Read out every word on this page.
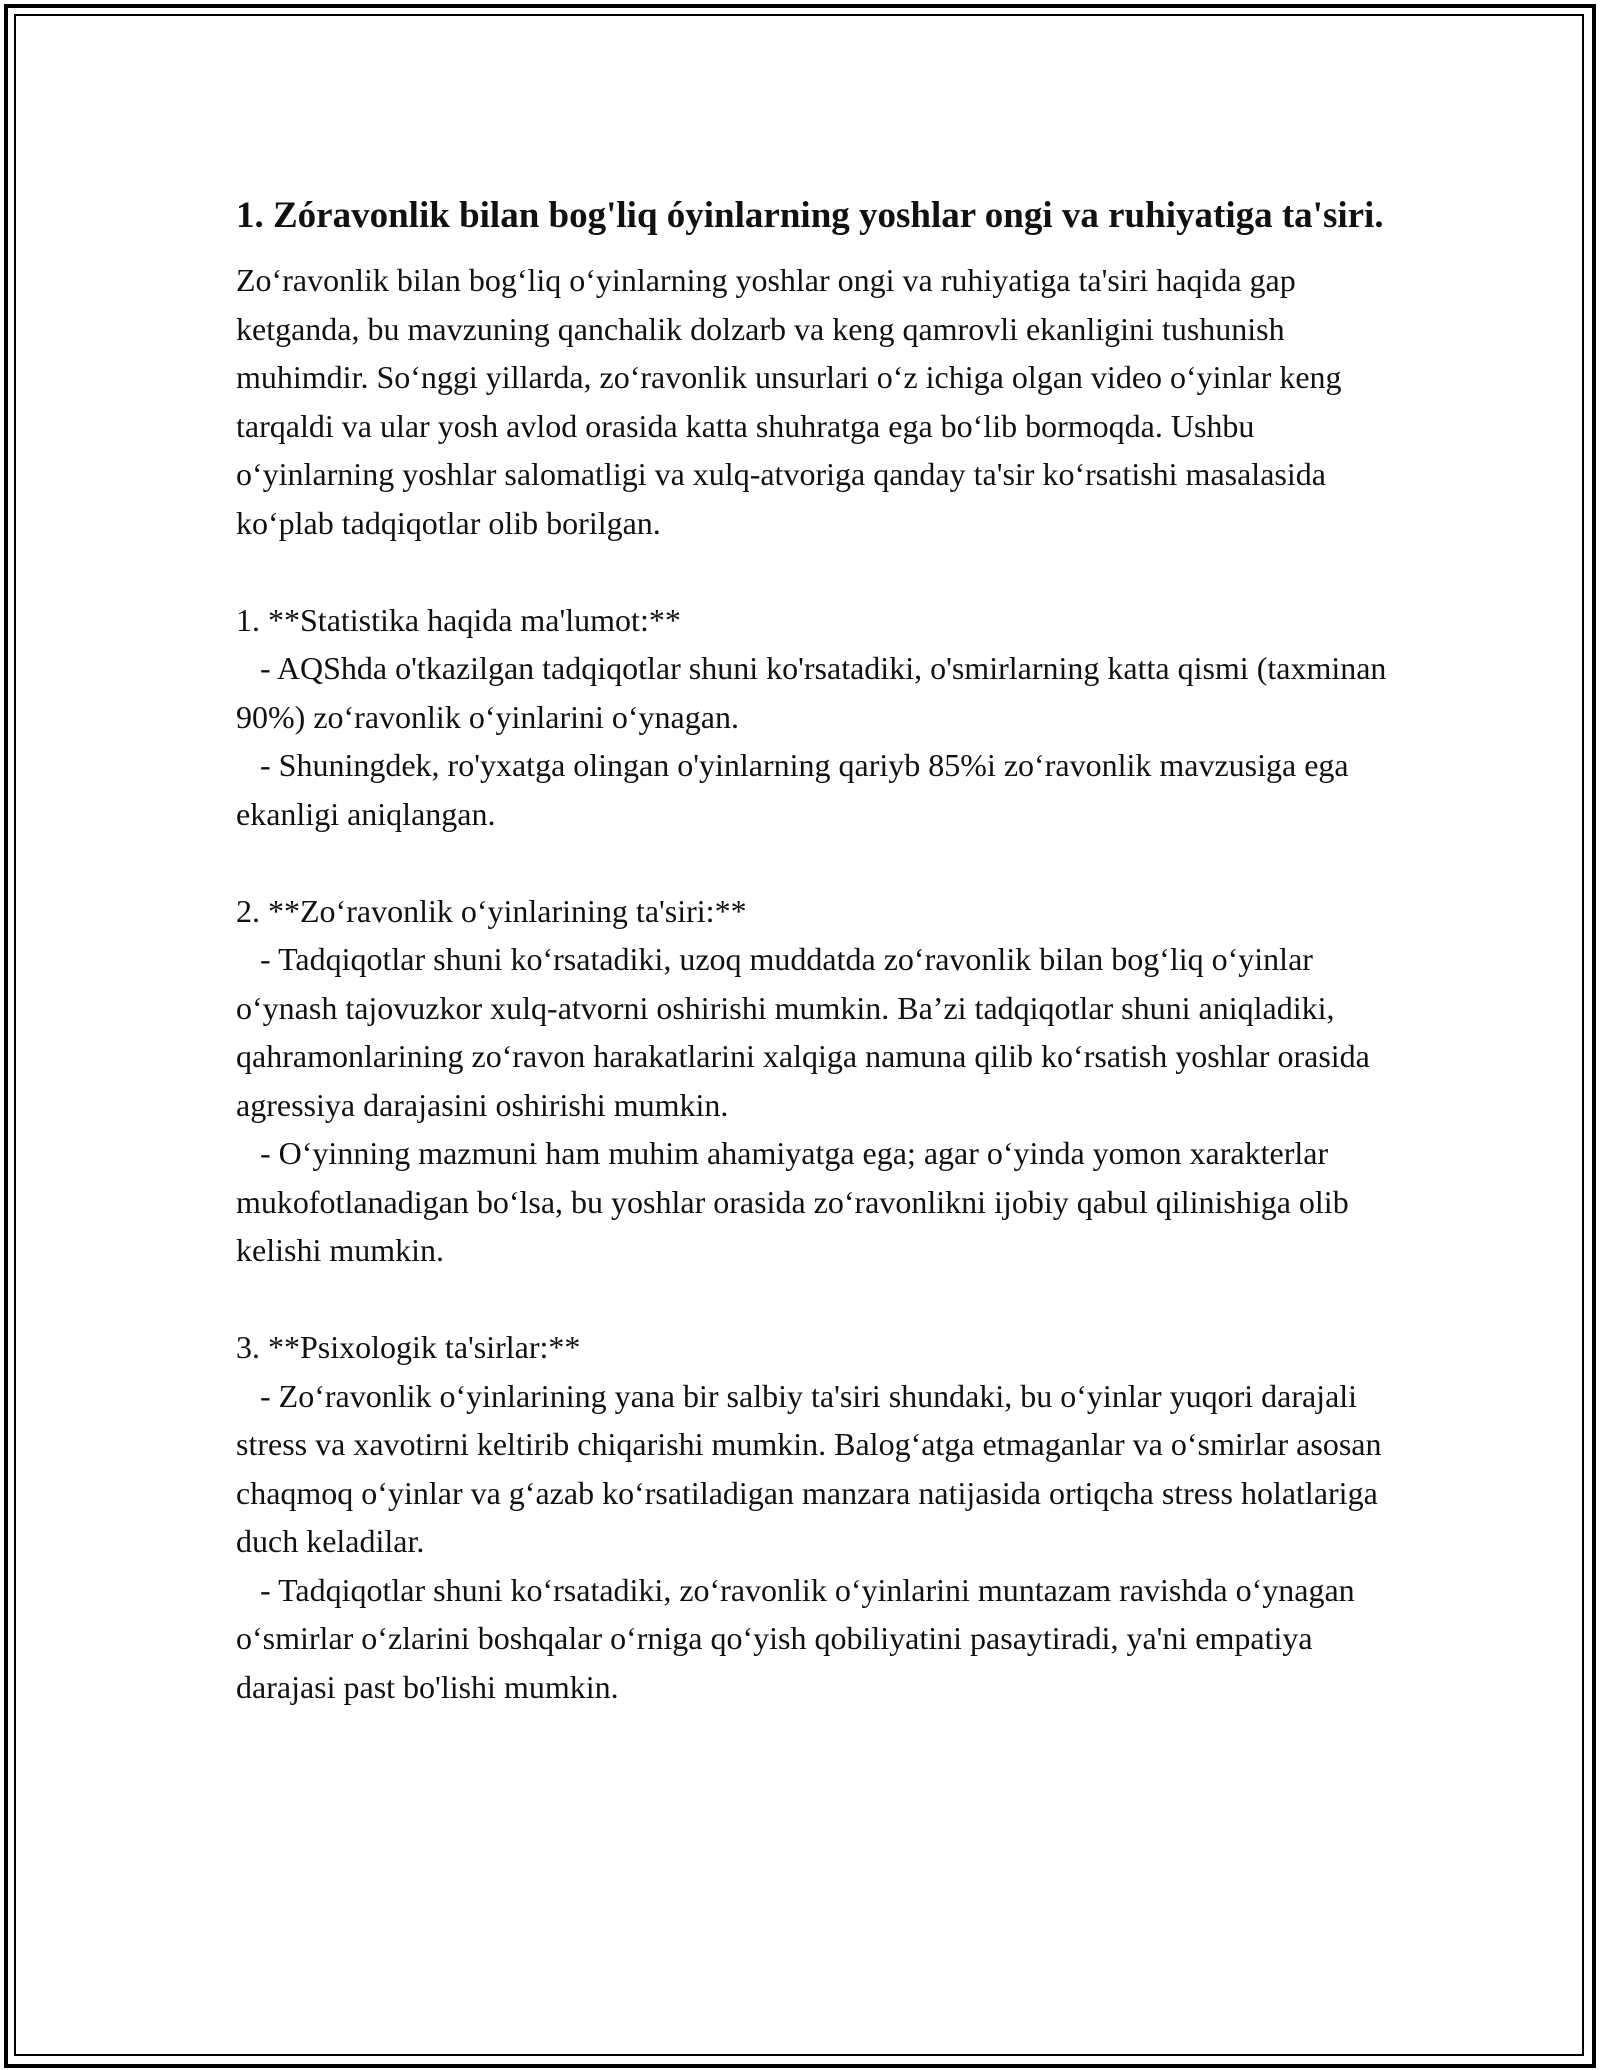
1. Zóravonlik bilan bog'liq óyinlarning yoshlar ongi va ruhiyatiga ta'siri.

Zo‘ravonlik bilan bog‘liq o‘yinlarning yoshlar ongi va ruhiyatiga ta'siri haqida gap ketganda, bu mavzuning qanchalik dolzarb va keng qamrovli ekanligini tushunish muhimdir. So‘nggi yillarda, zo‘ravonlik unsurlari o‘z ichiga olgan video o‘yinlar keng tarqaldi va ular yosh avlod orasida katta shuhratga ega bo‘lib bormoqda. Ushbu o‘yinlarning yoshlar salomatligi va xulq-atvoriga qanday ta'sir ko‘rsatishi masalasida ko‘plab tadqiqotlar olib borilgan.

1. **Statistika haqida ma'lumot:**

- AQShda o'tkazilgan tadqiqotlar shuni ko'rsatadiki, o'smirlarning katta qismi (taxminan 90%) zo‘ravonlik o‘yinlarini o‘ynagan.

- Shuningdek, ro'yxatga olingan o'yinlarning qariyb 85%i zo‘ravonlik mavzusiga ega ekanligi aniqlangan.

2. **Zo‘ravonlik o‘yinlarining ta'siri:**

- Tadqiqotlar shuni ko‘rsatadiki, uzoq muddatda zo‘ravonlik bilan bog‘liq o‘yinlar o‘ynash tajovuzkor xulq-atvorni oshirishi mumkin. Ba’zi tadqiqotlar shuni aniqladiki, qahramonlarining zo‘ravon harakatlarini xalqiga namuna qilib ko‘rsatish yoshlar orasida agressiya darajasini oshirishi mumkin.

- O‘yinning mazmuni ham muhim ahamiyatga ega; agar o‘yinda yomon xarakterlar mukofotlanadigan bo‘lsa, bu yoshlar orasida zo‘ravonlikni ijobiy qabul qilinishiga olib kelishi mumkin.

3. **Psixologik ta'sirlar:**

- Zo‘ravonlik o‘yinlarining yana bir salbiy ta'siri shundaki, bu o‘yinlar yuqori darajali stress va xavotirni keltirib chiqarishi mumkin. Balog‘atga etmaganlar va o‘smirlar asosan chaqmoq o‘yinlar va g‘azab ko‘rsatiladigan manzara natijasida ortiqcha stress holatlariga duch keladilar.

- Tadqiqotlar shuni ko‘rsatadiki, zo‘ravonlik o‘yinlarini muntazam ravishda o‘ynagan o‘smirlar o‘zlarini boshqalar o‘rniga qo‘yish qobiliyatini pasaytiradi, ya'ni empatiya darajasi past bo'lishi mumkin.
